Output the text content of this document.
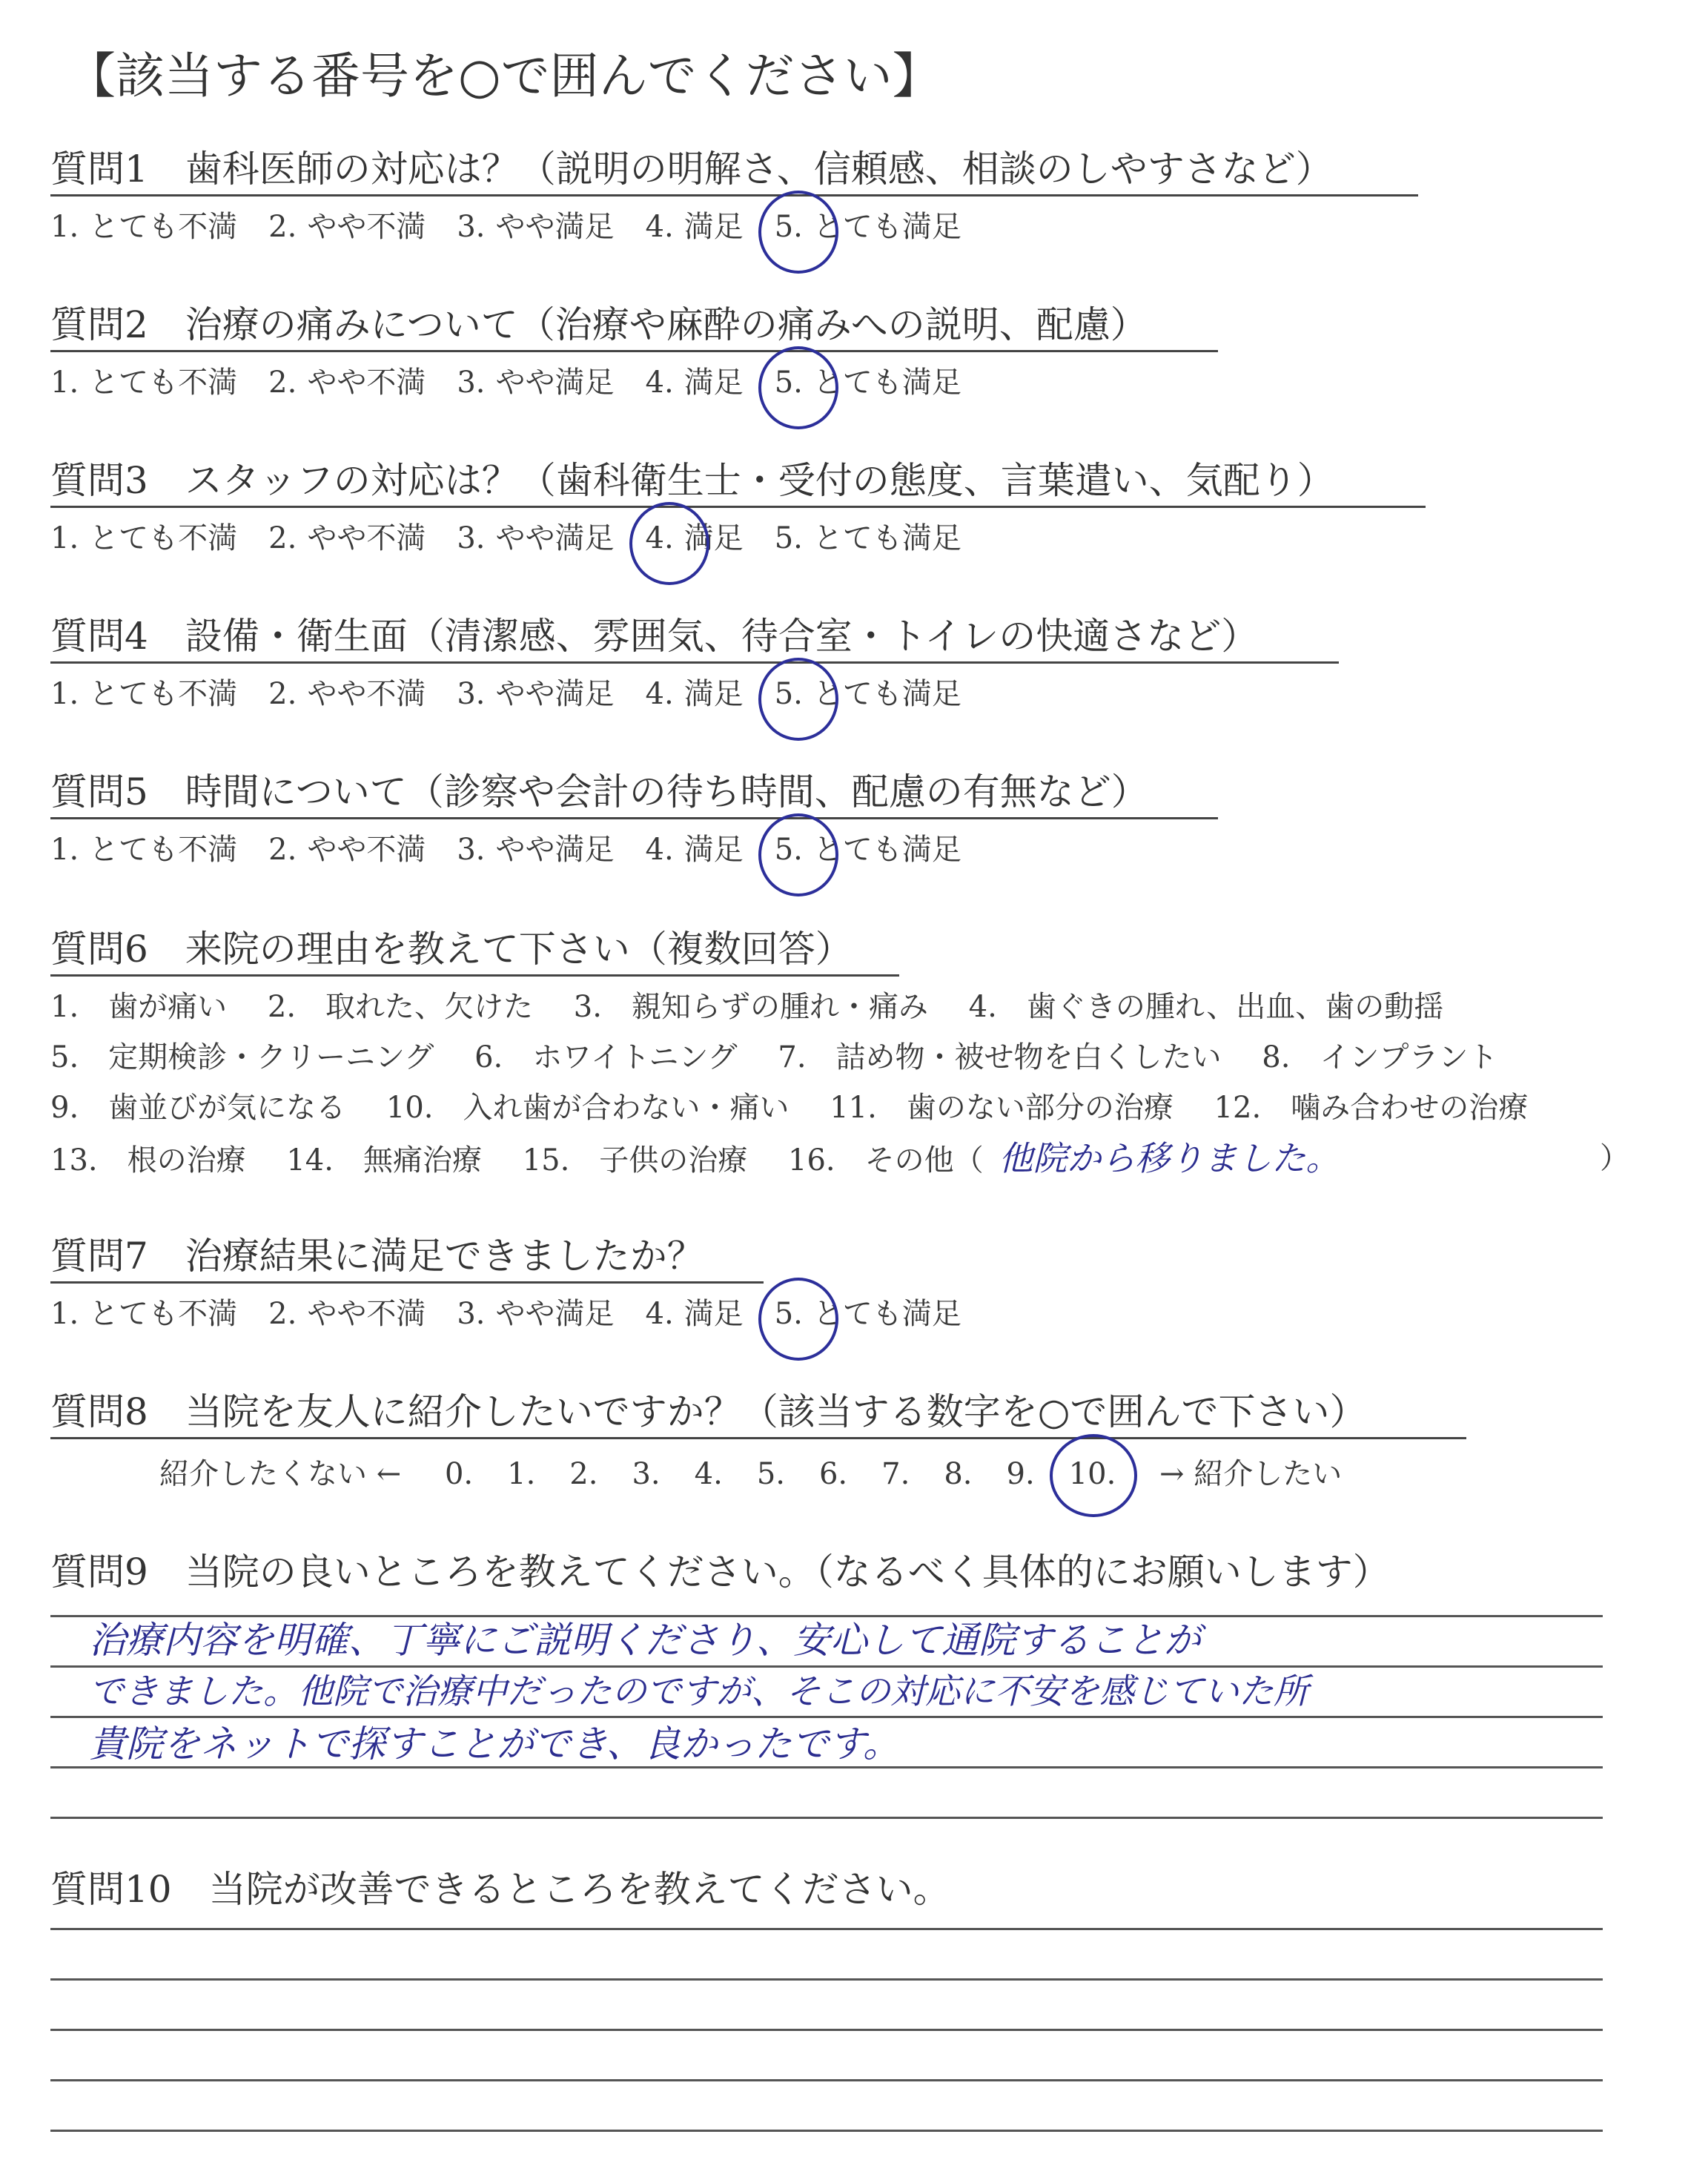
【該当する番号を○で囲んでください】
質問1　歯科医師の対応は？（説明の明解さ、信頼感、相談のしやすさなど）
1. とても不満 2. やや不満 3. やや満足 4. 満足 5. とても満足
質問2　治療の痛みについて（治療や麻酔の痛みへの説明、配慮）
1. とても不満 2. やや不満 3. やや満足 4. 満足 5. とても満足
質問3　スタッフの対応は？（歯科衛生士・受付の態度、言葉遣い、気配り）
1. とても不満 2. やや不満 3. やや満足 4. 満足 5. とても満足
質問4　設備・衛生面（清潔感、雰囲気、待合室・トイレの快適さなど）
1. とても不満 2. やや不満 3. やや満足 4. 満足 5. とても満足
質問5　時間について（診察や会計の待ち時間、配慮の有無など）
1. とても不満 2. やや不満 3. やや満足 4. 満足 5. とても満足
質問6　来院の理由を教えて下さい（複数回答）
1.　歯が痛い 2.　取れた、欠けた 3.　親知らずの腫れ・痛み 4.　歯ぐきの腫れ、出血、歯の動揺
5.　定期検診・クリーニング 6.　ホワイトニング 7.　詰め物・被せ物を白くしたい 8.　インプラント
9.　歯並びが気になる 10.　入れ歯が合わない・痛い 11.　歯のない部分の治療 12.　噛み合わせの治療
13.　根の治療 14.　無痛治療 15.　子供の治療 16.　その他（ 他院から移りました。	）
質問7　治療結果に満足できましたか？
1. とても不満 2. やや不満 3. やや満足 4. 満足 5. とても満足
質問8　当院を友人に紹介したいですか？（該当する数字を○で囲んで下さい）
紹介したくない ← 0. 1. 2. 3. 4. 5. 6. 7. 8. 9. 10. → 紹介したい
質問9　当院の良いところを教えてください。（なるべく具体的にお願いします）
治療内容を明確、丁寧にご説明くださり、安心して通院することが
できました。他院で治療中だったのですが、そこの対応に不安を感じていた所
貴院をネットで探すことができ、良かったです。
質問10　当院が改善できるところを教えてください。
